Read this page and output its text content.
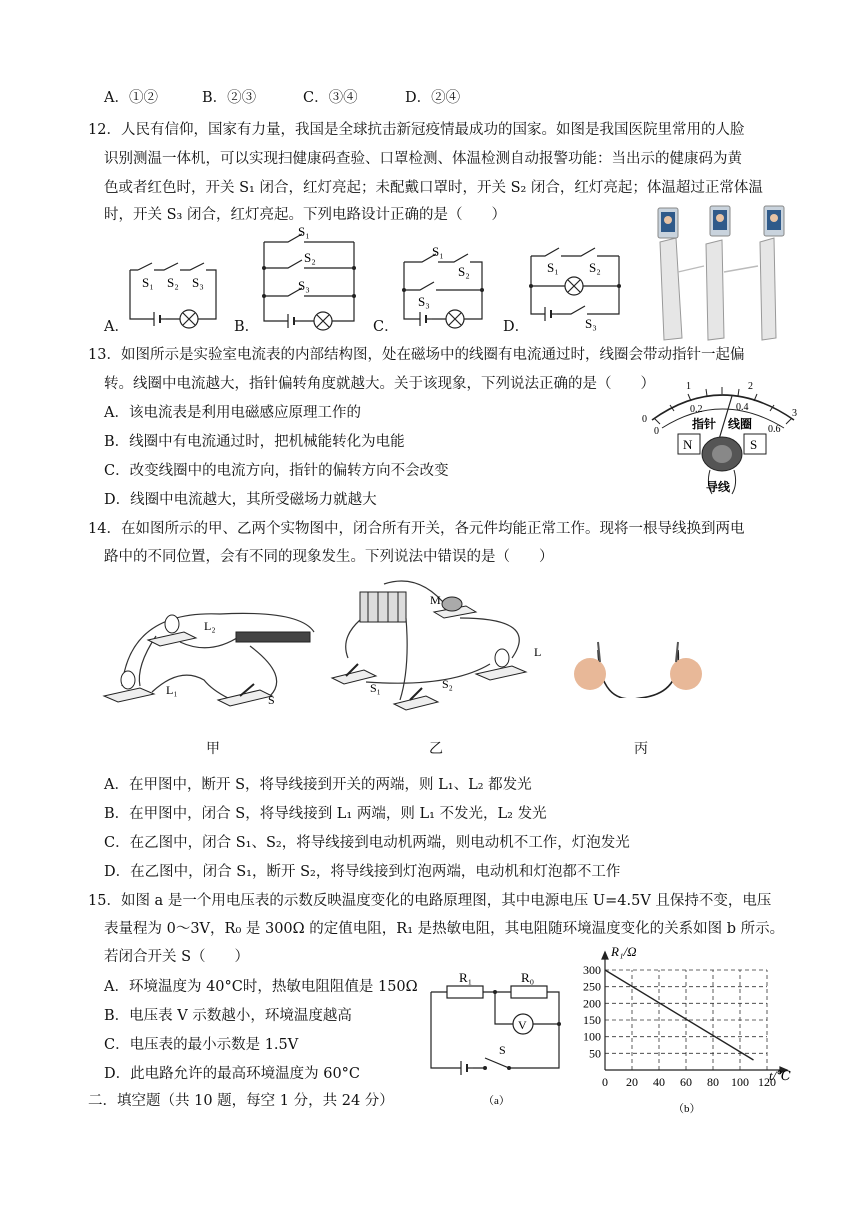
A．①②	B．②③	C．③④	D．②④
12．人民有信仰，国家有力量，我国是全球抗击新冠疫情最成功的国家。如图是我国医院里常用的人脸
识别测温一体机，可以实现扫健康码查验、口罩检测、体温检测自动报警功能：当出示的健康码为黄
色或者红色时，开关 S₁ 闭合，红灯亮起；未配戴口罩时，开关 S₂ 闭合，红灯亮起；体温超过正常体温
时，开关 S₃ 闭合，红灯亮起。下列电路设计正确的是（　　）
A．	B．	C．	D．
S₁ S₂ S₃
S₁
S₂
S₃
S₁
S₂
S₃
S₁ S₂
S₃
13．如图所示是实验室电流表的内部结构图，处在磁场中的线圈有电流通过时，线圈会带动指针一起偏
转。线圈中电流越大，指针偏转角度就越大。关于该现象，下列说法正确的是（　　）
A．该电流表是利用电磁感应原理工作的
B．线圈中有电流通过时，把机械能转化为电能
C．改变线圈中的电流方向，指针的偏转方向不会改变
D．线圈中电流越大，其所受磁场力就越大
0
1	2
3
0
0.2	0.4
0.6
N	S
指针 线圈
导线
14．在如图所示的甲、乙两个实物图中，闭合所有开关，各元件均能正常工作。现将一根导线换到两电
路中的不同位置，会有不同的现象发生。下列说法中错误的是（　　）
L₂
L₁
S
M
S₁	S₂
L
甲	乙	丙
A．在甲图中，断开 S，将导线接到开关的两端，则 L₁、L₂ 都发光
B．在甲图中，闭合 S，将导线接到 L₁ 两端，则 L₁ 不发光，L₂ 发光
C．在乙图中，闭合 S₁、S₂，将导线接到电动机两端，则电动机不工作，灯泡发光
D．在乙图中，闭合 S₁，断开 S₂，将导线接到灯泡两端，电动机和灯泡都不工作
15．如图 a 是一个用电压表的示数反映温度变化的电路原理图，其中电源电压 U=4.5V 且保持不变，电压
表量程为 0～3V，R₀ 是 300Ω 的定值电阻，R₁ 是热敏电阻，其电阻随环境温度变化的关系如图 b 所示。
若闭合开关 S（　　）
A．环境温度为 40°C时，热敏电阻阻值是 150Ω
B．电压表 V 示数越小，环境温度越高
C．电压表的最小示数是 1.5V
D．此电路允许的最高环境温度为 60°C
二．填空题（共 10 题，每空 1 分，共 24 分）
R₁	R₀
V
S
（a）
50
100
150
200
250
300
0 20 40 60 80 100 120
R₁/Ω
t/℃
（b）
